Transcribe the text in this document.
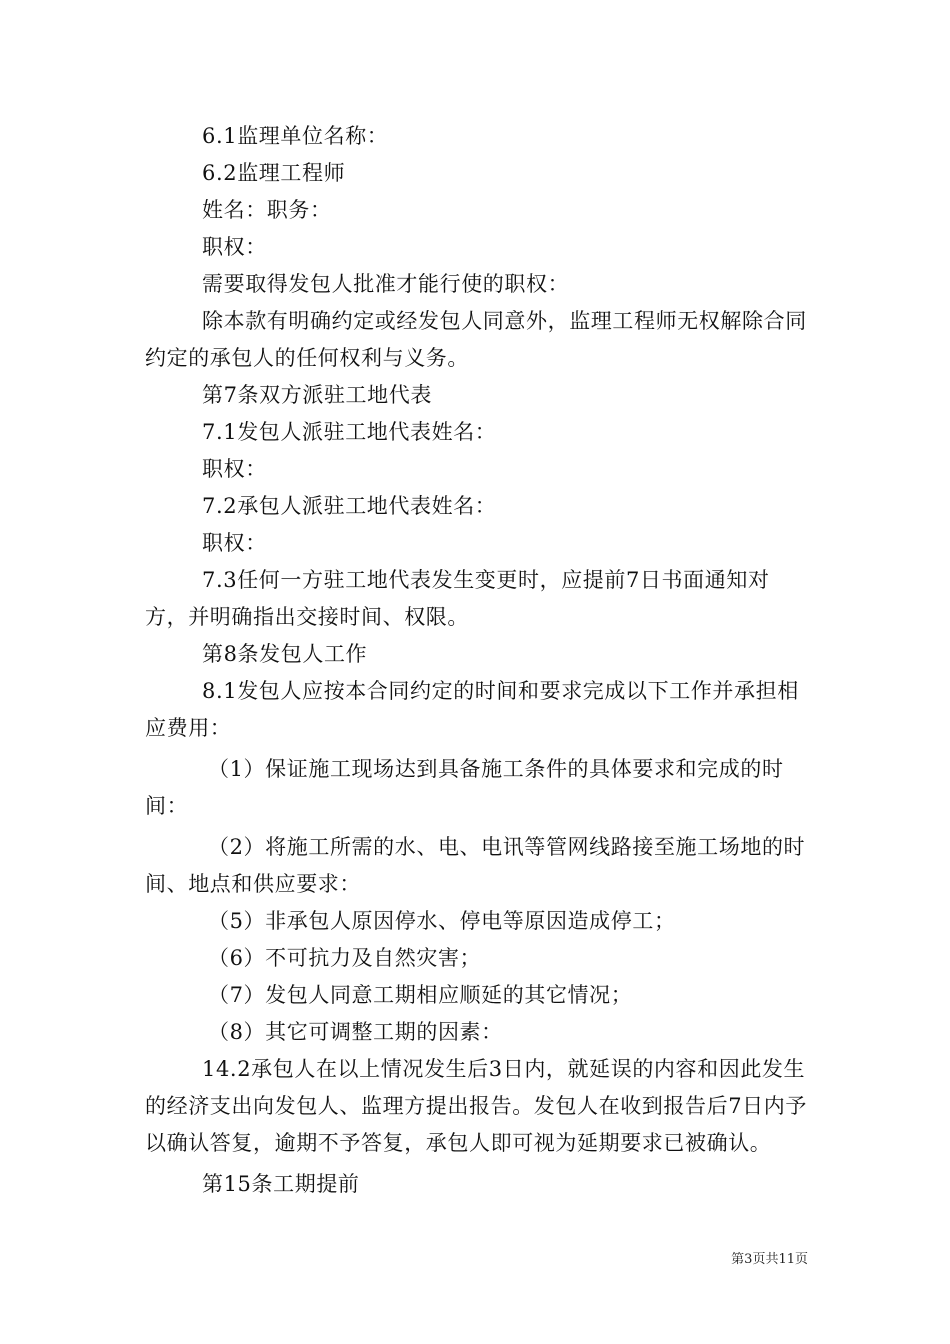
6.1监理单位名称：

6.2监理工程师

姓名：职务：

职权：

需要取得发包人批准才能行使的职权：

除本款有明确约定或经发包人同意外，监理工程师无权解除合同约定的承包人的任何权利与义务。

第7条双方派驻工地代表

7.1发包人派驻工地代表姓名：

职权：

7.2承包人派驻工地代表姓名：

职权：

7.3任何一方驻工地代表发生变更时，应提前7日书面通知对方，并明确指出交接时间、权限。

第8条发包人工作

8.1发包人应按本合同约定的时间和要求完成以下工作并承担相应费用：

（1）保证施工现场达到具备施工条件的具体要求和完成的时间：

（2）将施工所需的水、电、电讯等管网线路接至施工场地的时间、地点和供应要求：

（5）非承包人原因停水、停电等原因造成停工；

（6）不可抗力及自然灾害；

（7）发包人同意工期相应顺延的其它情况；

（8）其它可调整工期的因素：

14.2承包人在以上情况发生后3日内，就延误的内容和因此发生的经济支出向发包人、监理方提出报告。发包人在收到报告后7日内予以确认答复，逾期不予答复，承包人即可视为延期要求已被确认。

第15条工期提前

第3页共11页
